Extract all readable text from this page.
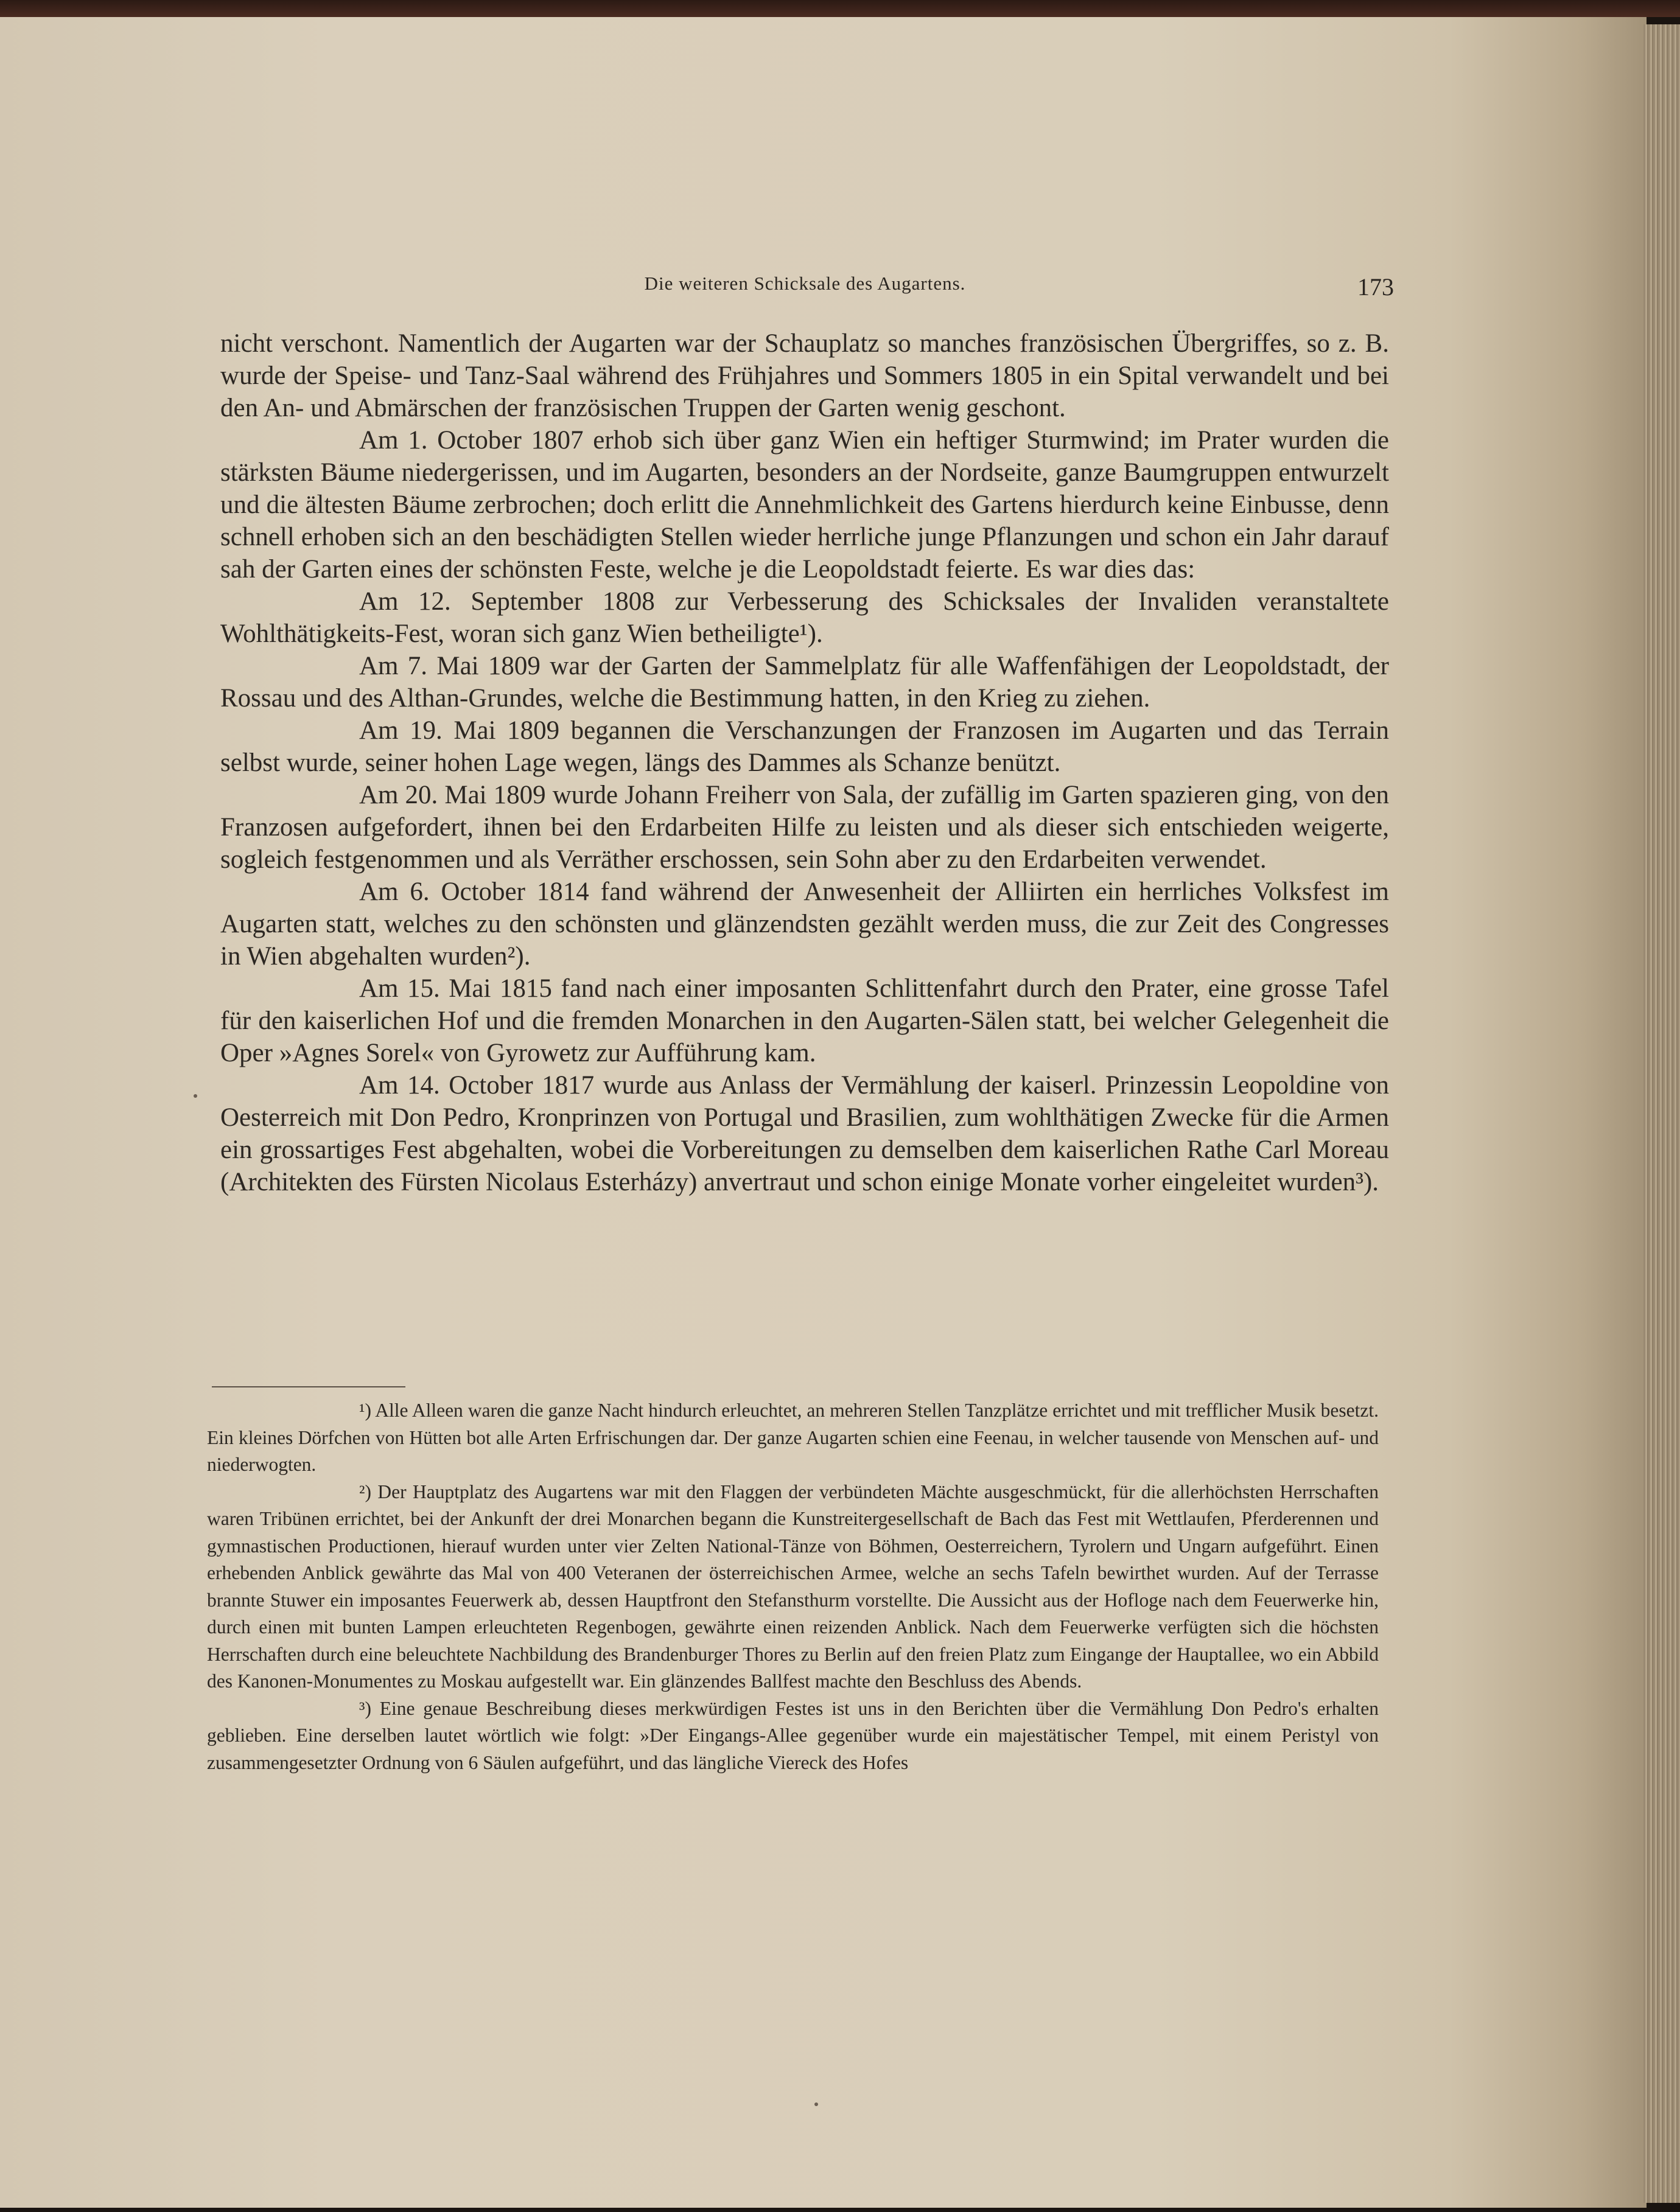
Die weiteren Schicksale des Augartens.	173

nicht verschont. Namentlich der Augarten war der Schauplatz so manches französischen Übergriffes, so z. B. wurde der Speise- und Tanz-Saal während des Frühjahres und Sommers 1805 in ein Spital verwandelt und bei den An- und Abmärschen der französischen Truppen der Garten wenig geschont.

Am 1. October 1807 erhob sich über ganz Wien ein heftiger Sturmwind; im Prater wurden die stärksten Bäume niedergerissen, und im Augarten, besonders an der Nordseite, ganze Baumgruppen entwurzelt und die ältesten Bäume zerbrochen; doch erlitt die Annehmlichkeit des Gartens hierdurch keine Einbusse, denn schnell erhoben sich an den beschädigten Stellen wieder herrliche junge Pflanzungen und schon ein Jahr darauf sah der Garten eines der schönsten Feste, welche je die Leopoldstadt feierte. Es war dies das:

Am 12. September 1808 zur Verbesserung des Schicksales der Invaliden veranstaltete Wohlthätigkeits-Fest, woran sich ganz Wien betheiligte¹).

Am 7. Mai 1809 war der Garten der Sammelplatz für alle Waffenfähigen der Leopoldstadt, der Rossau und des Althan-Grundes, welche die Bestimmung hatten, in den Krieg zu ziehen.

Am 19. Mai 1809 begannen die Verschanzungen der Franzosen im Augarten und das Terrain selbst wurde, seiner hohen Lage wegen, längs des Dammes als Schanze benützt.

Am 20. Mai 1809 wurde Johann Freiherr von Sala, der zufällig im Garten spazieren ging, von den Franzosen aufgefordert, ihnen bei den Erdarbeiten Hilfe zu leisten und als dieser sich entschieden weigerte, sogleich festgenommen und als Verräther erschossen, sein Sohn aber zu den Erdarbeiten verwendet.

Am 6. October 1814 fand während der Anwesenheit der Alliirten ein herrliches Volksfest im Augarten statt, welches zu den schönsten und glänzendsten gezählt werden muss, die zur Zeit des Congresses in Wien abgehalten wurden²).

Am 15. Mai 1815 fand nach einer imposanten Schlittenfahrt durch den Prater, eine grosse Tafel für den kaiserlichen Hof und die fremden Monarchen in den Augarten-Sälen statt, bei welcher Gelegenheit die Oper »Agnes Sorel« von Gyrowetz zur Aufführung kam.

Am 14. October 1817 wurde aus Anlass der Vermählung der kaiserl. Prinzessin Leopoldine von Oesterreich mit Don Pedro, Kronprinzen von Portugal und Brasilien, zum wohlthätigen Zwecke für die Armen ein grossartiges Fest abgehalten, wobei die Vorbereitungen zu demselben dem kaiserlichen Rathe Carl Moreau (Architekten des Fürsten Nicolaus Esterházy) anvertraut und schon einige Monate vorher eingeleitet wurden³).

¹) Alle Alleen waren die ganze Nacht hindurch erleuchtet, an mehreren Stellen Tanzplätze errichtet und mit trefflicher Musik besetzt. Ein kleines Dörfchen von Hütten bot alle Arten Erfrischungen dar. Der ganze Augarten schien eine Feenau, in welcher tausende von Menschen auf- und niederwogten.

²) Der Hauptplatz des Augartens war mit den Flaggen der verbündeten Mächte ausgeschmückt, für die allerhöchsten Herrschaften waren Tribünen errichtet, bei der Ankunft der drei Monarchen begann die Kunstreitergesellschaft de Bach das Fest mit Wettlaufen, Pferderennen und gymnastischen Productionen, hierauf wurden unter vier Zelten National-Tänze von Böhmen, Oesterreichern, Tyrolern und Ungarn aufgeführt. Einen erhebenden Anblick gewährte das Mal von 400 Veteranen der österreichischen Armee, welche an sechs Tafeln bewirthet wurden. Auf der Terrasse brannte Stuwer ein imposantes Feuerwerk ab, dessen Hauptfront den Stefansthurm vorstellte. Die Aussicht aus der Hofloge nach dem Feuerwerke hin, durch einen mit bunten Lampen erleuchteten Regenbogen, gewährte einen reizenden Anblick. Nach dem Feuerwerke verfügten sich die höchsten Herrschaften durch eine beleuchtete Nachbildung des Brandenburger Thores zu Berlin auf den freien Platz zum Eingange der Hauptallee, wo ein Abbild des Kanonen-Monumentes zu Moskau aufgestellt war. Ein glänzendes Ballfest machte den Beschluss des Abends.

³) Eine genaue Beschreibung dieses merkwürdigen Festes ist uns in den Berichten über die Vermählung Don Pedro's erhalten geblieben. Eine derselben lautet wörtlich wie folgt: »Der Eingangs-Allee gegenüber wurde ein majestätischer Tempel, mit einem Peristyl von zusammengesetzter Ordnung von 6 Säulen aufgeführt, und das längliche Viereck des Hofes
